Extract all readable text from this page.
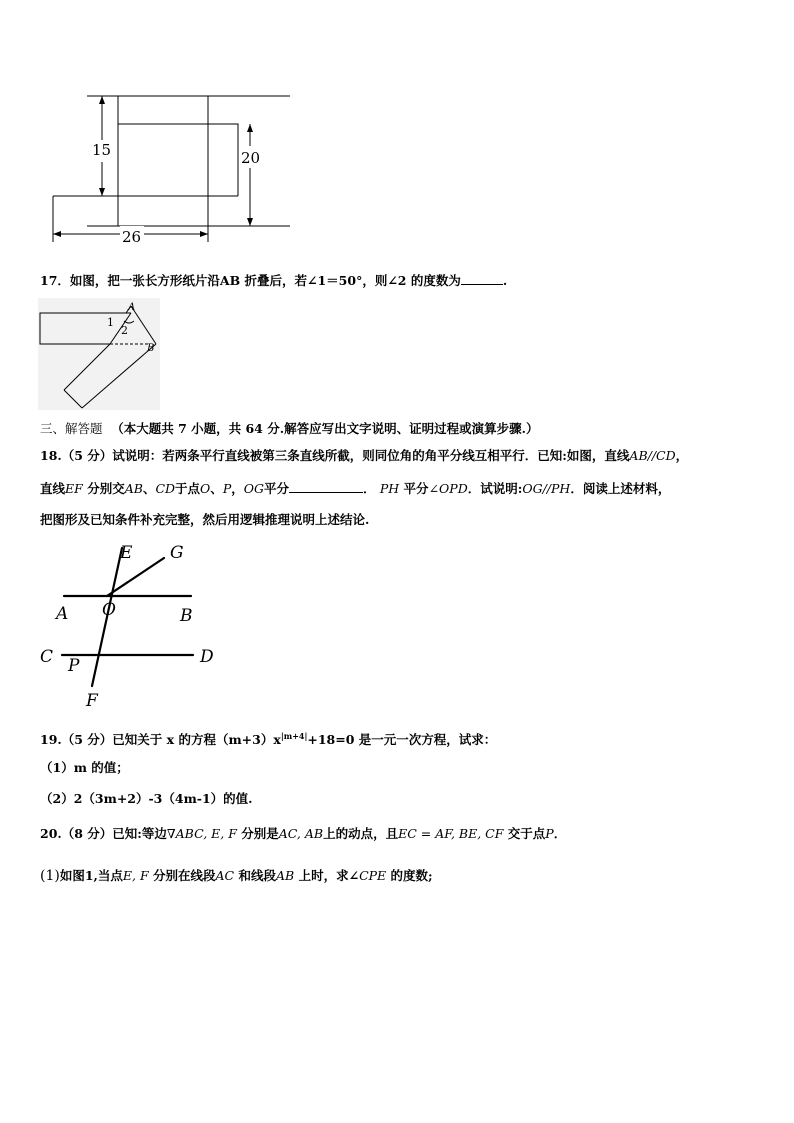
15	20
26
17．如图，把一张长方形纸片沿AB 折叠后，若∠1＝50°，则∠2 的度数为	.
A
1
2
B
三、解答题 （本大题共 7 小题，共 64 分.解答应写出文字说明、证明过程或演算步骤.）
18.（5 分）试说明：若两条平行直线被第三条直线所截，则同位角的角平分线互相平行．已知:如图，直线AB//CD，
直线EF 分别交AB、CD于点O、P，OG平分	． PH 平分∠OPD．试说明:OG//PH．阅读上述材料，
把图形及已知条件补充完整，然后用逻辑推理说明上述结论.
E G
A O	B
C P	D
F
19.（5 分）已知关于 x 的方程$(m+3)x^{|m+4|}+18=0$ 是一元一次方程，试求：
（1）m 的值；
（2）2（3m+2）-3（4m-1）的值.
20.（8 分）已知:等边∇ABC, E, F 分别是AC, AB上的动点，且EC = AF, BE, CF 交于点P．
(1)如图1,当点E, F 分别在线段AC 和线段AB 上时，求∠CPE 的度数;
